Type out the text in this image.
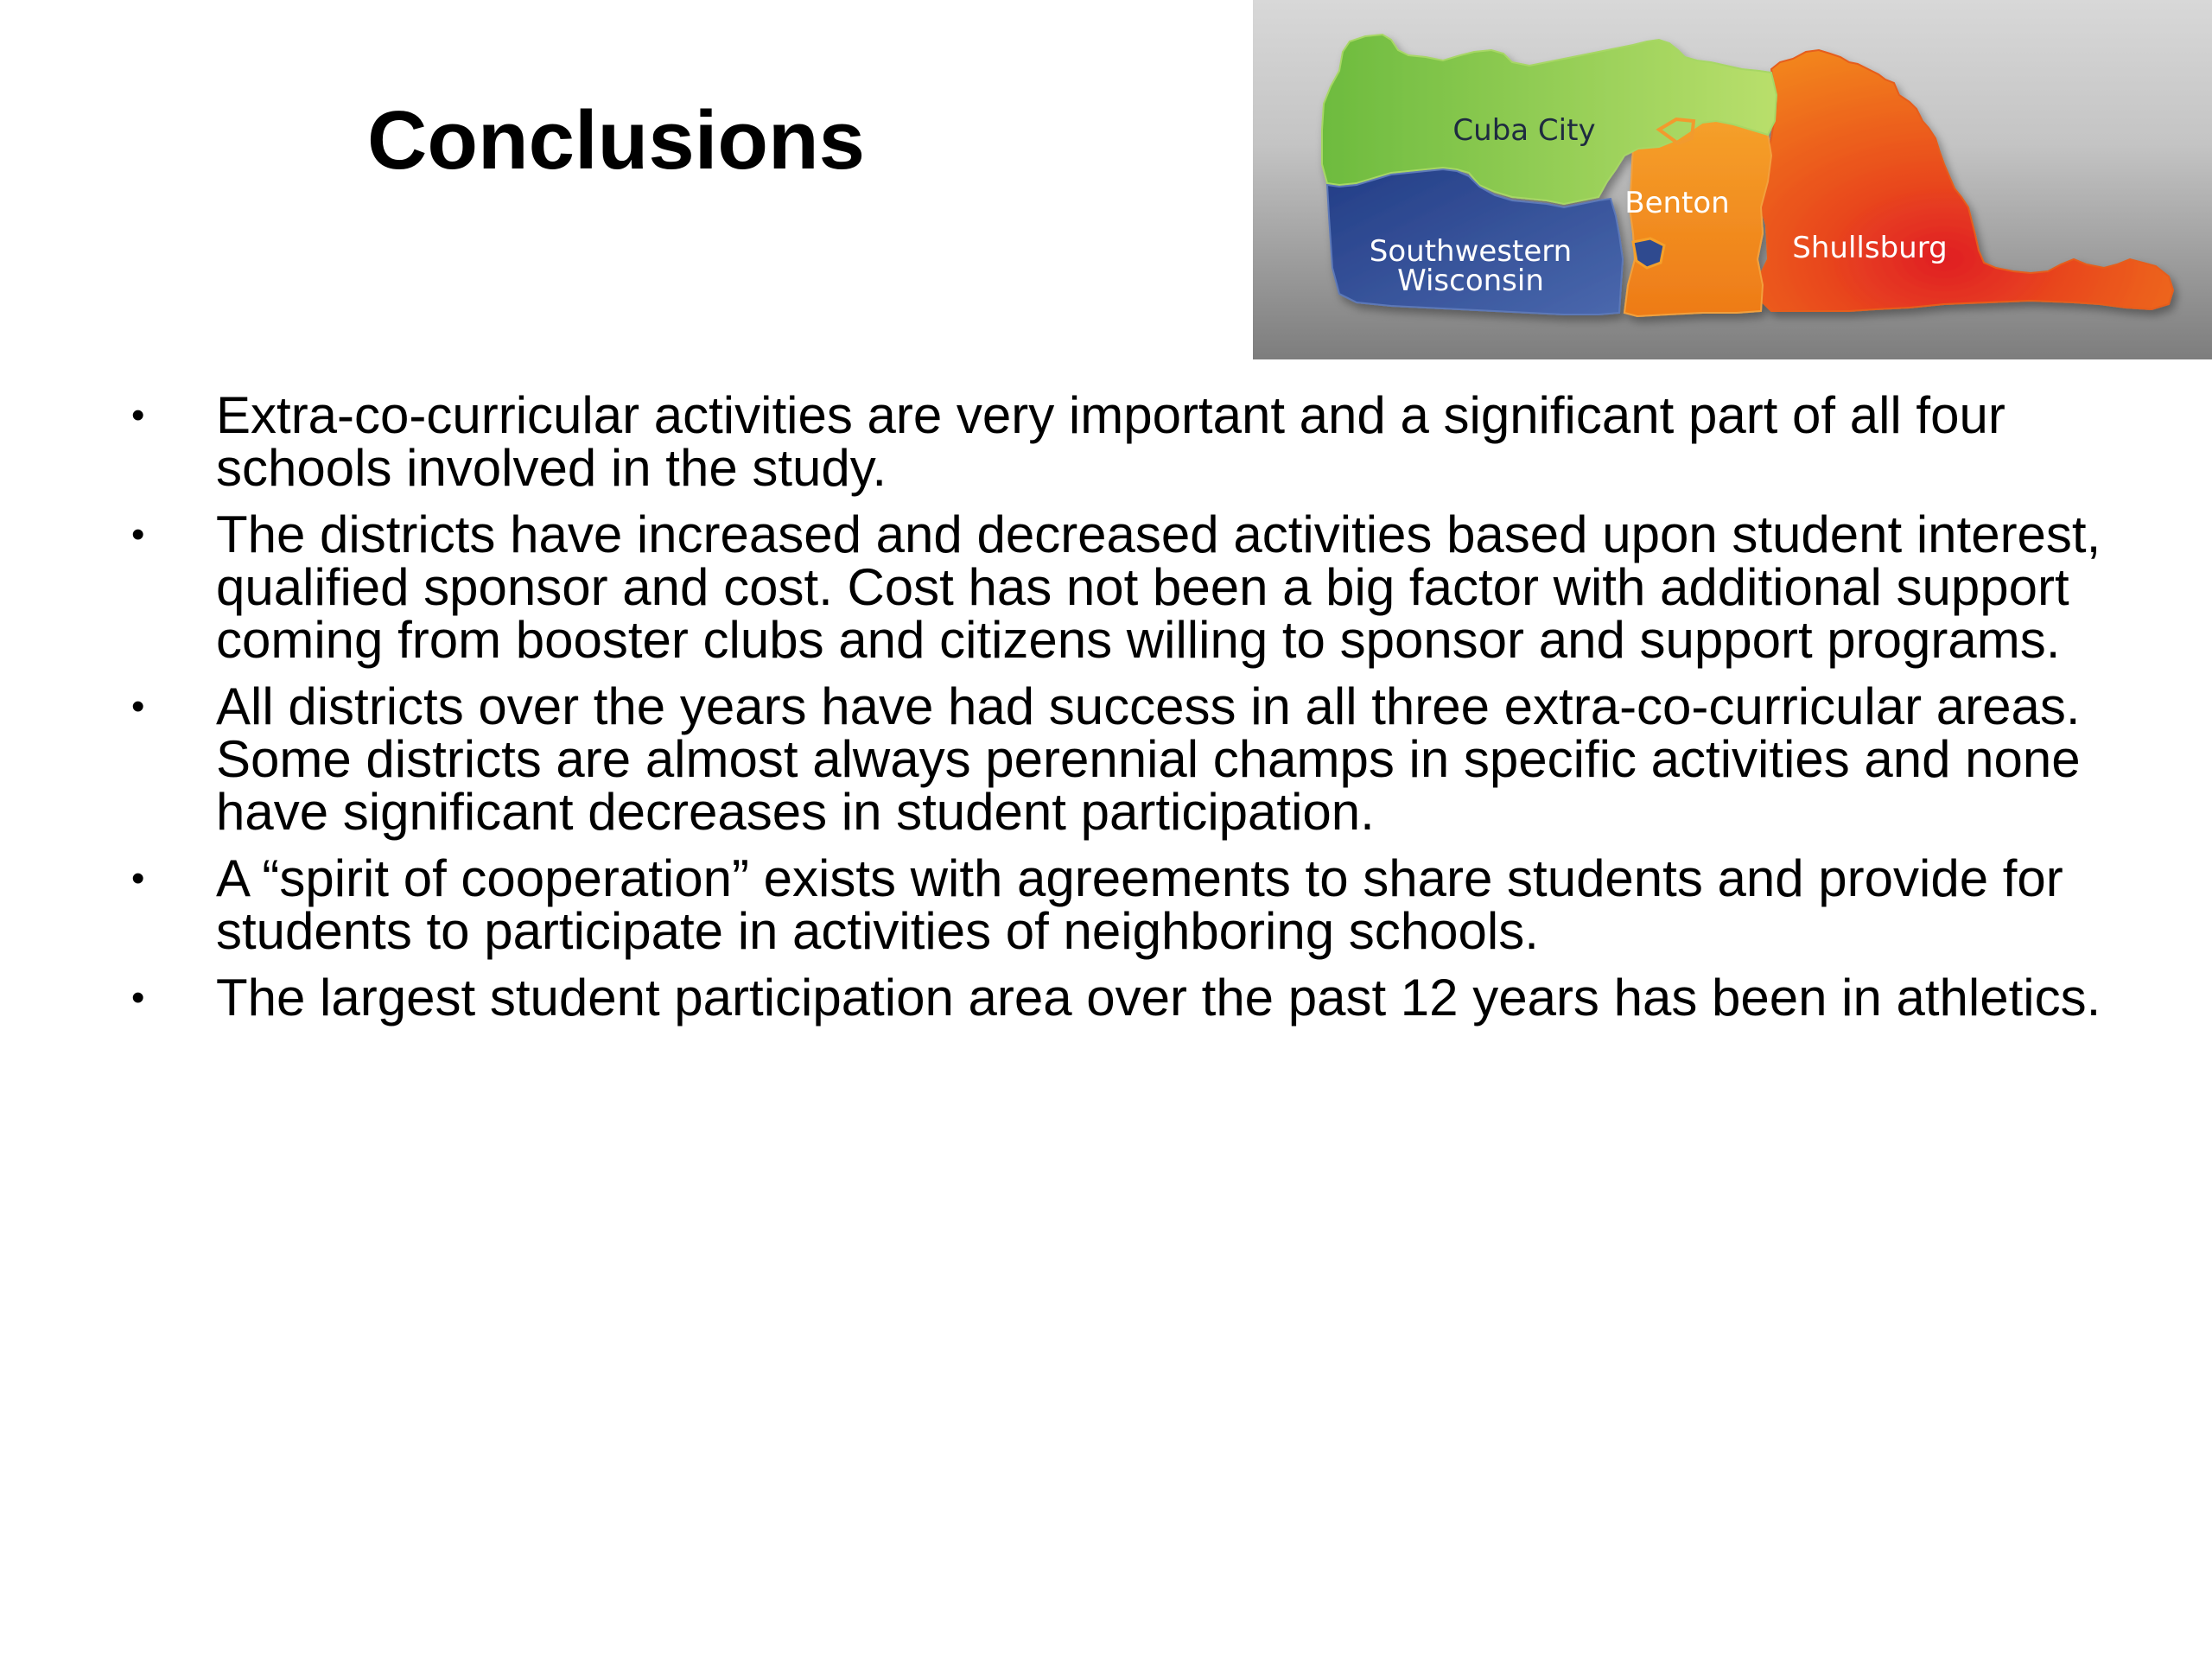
Conclusions	Cuba City
Benton
Shullsburg
Southwestern
Wisconsin
• Extra-co-curricular activities are very important and a significant part of all four schools involved in the study.
• The districts have increased and decreased activities based upon student interest, qualified sponsor and cost. Cost has not been a big factor with additional support coming from booster clubs and citizens willing to sponsor and support programs.
• All districts over the years have had success in all three extra-co-curricular areas. Some districts are almost always perennial champs in specific activities and none have significant decreases in student participation.
• A “spirit of cooperation” exists with agreements to share students and provide for students to participate in activities of neighboring schools.
• The largest student participation area over the past 12 years has been in athletics.
